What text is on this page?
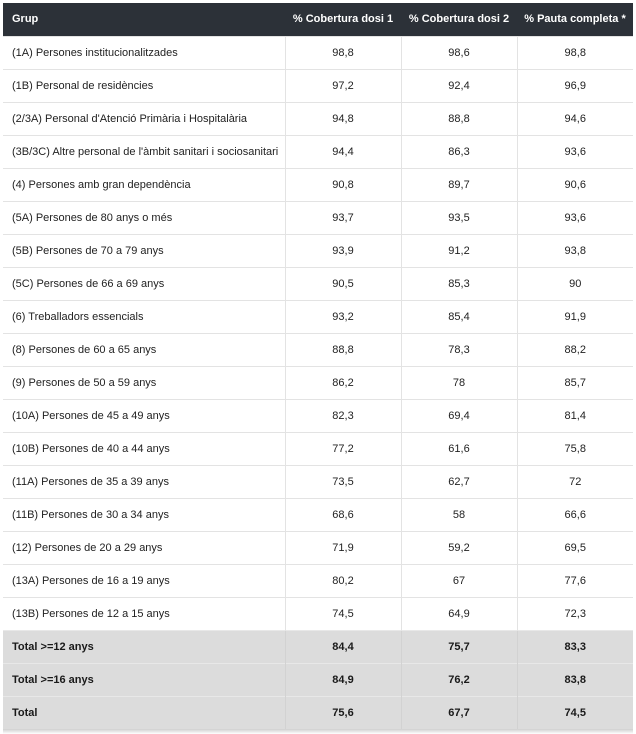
Grup	% Cobertura dosi 1	% Cobertura dosi 2	% Pauta completa *
(1A) Persones institucionalitzades	98,8	98,6	98,8
(1B) Personal de residències	97,2	92,4	96,9
(2/3A) Personal d'Atenció Primària i Hospitalària	94,8	88,8	94,6
(3B/3C) Altre personal de l'àmbit sanitari i sociosanitari	94,4	86,3	93,6
(4) Persones amb gran dependència	90,8	89,7	90,6
(5A) Persones de 80 anys o més	93,7	93,5	93,6
(5B) Persones de 70 a 79 anys	93,9	91,2	93,8
(5C) Persones de 66 a 69 anys	90,5	85,3	90
(6) Treballadors essencials	93,2	85,4	91,9
(8) Persones de 60 a 65 anys	88,8	78,3	88,2
(9) Persones de 50 a 59 anys	86,2	78	85,7
(10A) Persones de 45 a 49 anys	82,3	69,4	81,4
(10B) Persones de 40 a 44 anys	77,2	61,6	75,8
(11A) Persones de 35 a 39 anys	73,5	62,7	72
(11B) Persones de 30 a 34 anys	68,6	58	66,6
(12) Persones de 20 a 29 anys	71,9	59,2	69,5
(13A) Persones de 16 a 19 anys	80,2	67	77,6
(13B) Persones de 12 a 15 anys	74,5	64,9	72,3
Total >=12 anys	84,4	75,7	83,3
Total >=16 anys	84,9	76,2	83,8
Total	75,6	67,7	74,5
